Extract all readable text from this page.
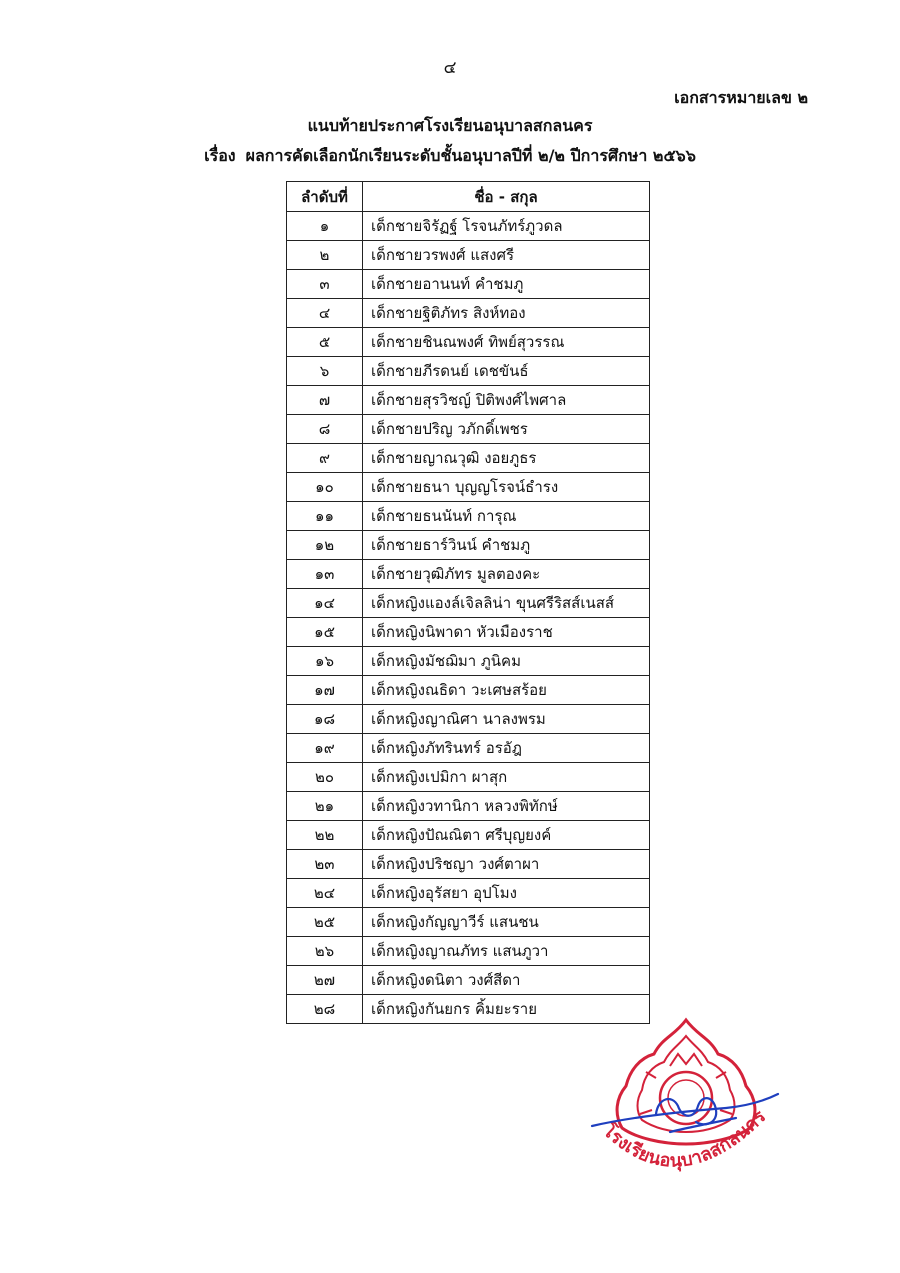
๔
เอกสารหมายเลข ๒
แนบท้ายประกาศโรงเรียนอนุบาลสกลนคร
เรื่อง ผลการคัดเลือกนักเรียนระดับชั้นอนุบาลปีที่ ๒/๒ ปีการศึกษา ๒๕๖๖
ลำดับที่	ชื่อ - สกุล
๑	เด็กชายจิรัฏฐ์ โรจนภัทร์ภูวดล
๒	เด็กชายวรพงศ์ แสงศรี
๓	เด็กชายอานนท์ คำชมภู
๔	เด็กชายฐิติภัทร สิงห์ทอง
๕	เด็กชายชินณพงศ์ ทิพย์สุวรรณ
๖	เด็กชายภีรดนย์ เดชขันธ์
๗	เด็กชายสุรวิชญ์ ปิติพงศ์ไพศาล
๘	เด็กชายปริญ วภักดิ์เพชร
๙	เด็กชายญาณวุฒิ งอยภูธร
๑๐	เด็กชายธนา บุญญโรจน์ธำรง
๑๑	เด็กชายธนนันท์ การุณ
๑๒	เด็กชายธาร์วินน์ คำชมภู
๑๓	เด็กชายวุฒิภัทร มูลตองคะ
๑๔	เด็กหญิงแองล์เจิลลิน่า ขุนศรีริสส์เนสส์
๑๕	เด็กหญิงนิพาดา หัวเมืองราช
๑๖	เด็กหญิงมัชฌิมา ภูนิคม
๑๗	เด็กหญิงณธิดา วะเศษสร้อย
๑๘	เด็กหญิงญาณิศา นาลงพรม
๑๙	เด็กหญิงภัทรินทร์ อรอัฎ
๒๐	เด็กหญิงเปมิกา ผาสุก
๒๑	เด็กหญิงวทานิกา หลวงพิทักษ์
๒๒	เด็กหญิงปัณณิตา ศรีบุญยงค์
๒๓	เด็กหญิงปริชญา วงศ์ตาผา
๒๔	เด็กหญิงอุรัสยา อุปโมง
๒๕	เด็กหญิงกัญญาวีร์ แสนชน
๒๖	เด็กหญิงญาณภัทร แสนภูวา
๒๗	เด็กหญิงดนิตา วงศ์สีดา
๒๘	เด็กหญิงกันยกร คิ้มยะราย
โรงเรียนอนุบาลสกลนคร
